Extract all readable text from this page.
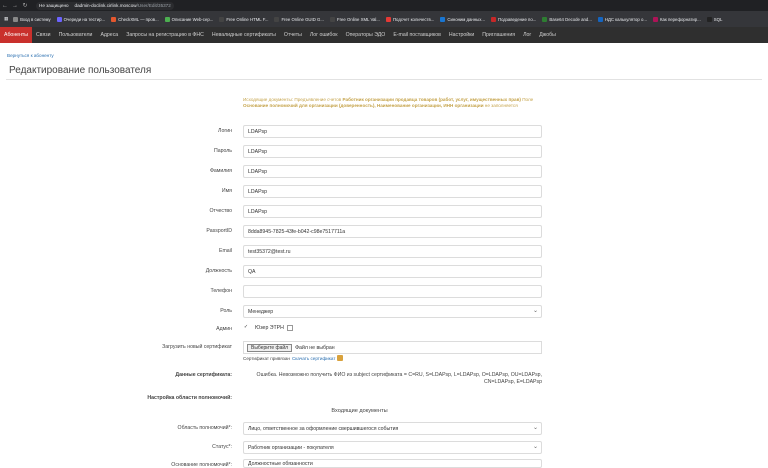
← → ↻	Не защищено dadmin-doclink.cirlink.moscow /User/Edit/35372
▦	Вход в систему	Очереди на тестир...	CheckXML — пров...	Описание Web-сер...	Free Online HTML F...	Free Online GUID G...	Free Online XML Val...	Подсчет количеств...	Синоним данных...	Подзаведение по...	Base64 Decode and...	НДС калькулятор о...	Как перефорнатир...	SQL
Абоненты	Связи	Пользователи	Адреса	Запросы на регистрацию в ФНС	Невалидные сертификаты	Отчеты	Лог ошибок	Операторы ЭДО	E-mail поставщиков	Настройки	Приглашения	Лог	Джобы
Вернуться к абоненту
Редактирование пользователя
Исходящие документы: Предъявление счетов Работник организации продавца товаров (работ, услуг, имущественных прав) Поле Основание полномочий для организации (доверенность), Наименование организации, ИНН организации не заполняется
Логин	LDAPsp
Пароль	LDAPsp
Фамилия	LDAPsp
Имя	LDAPsp
Отчество	LDAPsp
PassportID	8dda8945-7825-43fe-b042-c98e7517711a
Email	test35372@test.ru
Должность	QA
Телефон
Роль	Менеджер ⌄
Админ ✓ Юзер ЭТРН
Загрузить новый сертификат	Выберите файл	Файл не выбран
Сертификат привязан Скачать сертификат
Данные сертификата:	Ошибка. Невозможно получить ФИО из subject сертификата = C=RU, S=LDAPsp, L=LDAPsp, O=LDAPsp, OU=LDAPsp, CN=LDAPsp, E=LDAPsp
Настройка области полномочий:
Входящие документы
Область полномочий*:	Лицо, ответственное за оформление свершившегося события ⌄
Статус*:	Работник организации - покупателя ⌄
Основание полномочий*:	Должностные обязанности
